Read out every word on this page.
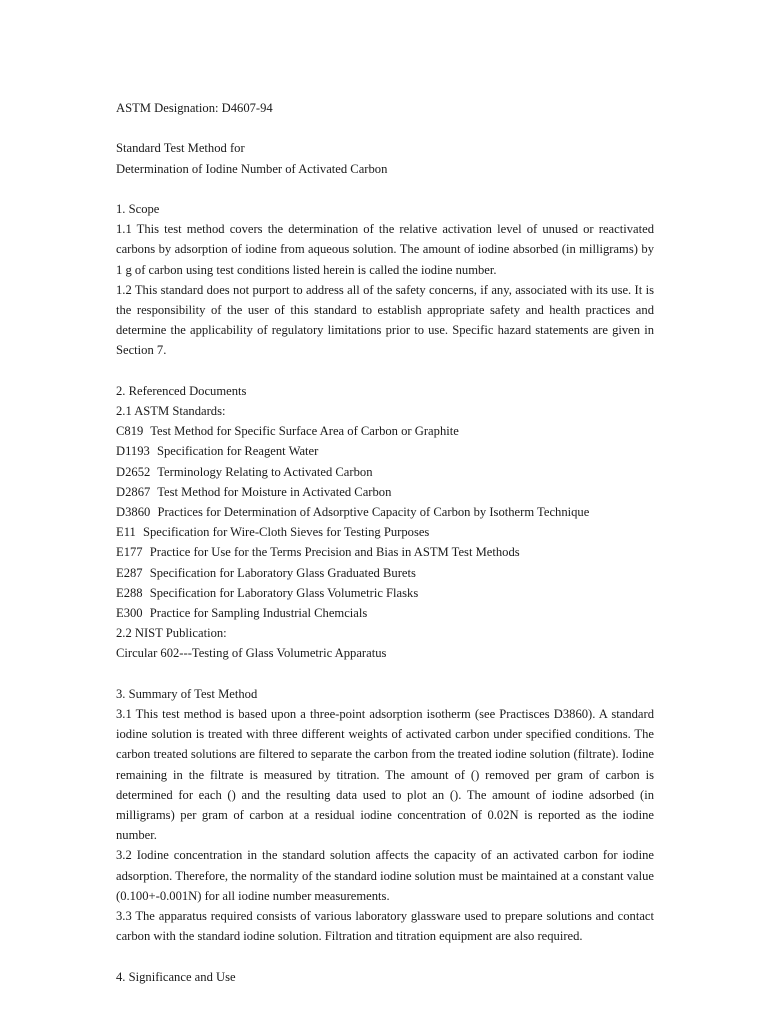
ASTM Designation: D4607-94
Standard Test Method for
Determination of Iodine Number of Activated Carbon
1. Scope
1.1 This test method covers the determination of the relative activation level of unused or reactivated carbons by adsorption of iodine from aqueous solution. The amount of iodine absorbed (in milligrams) by 1 g of carbon using test conditions listed herein is called the iodine number.
1.2 This standard does not purport to address all of the safety concerns, if any, associated with its use. It is the responsibility of the user of this standard to establish appropriate safety and health practices and determine the applicability of regulatory limitations prior to use. Specific hazard statements are given in Section 7.
2. Referenced Documents
2.1 ASTM Standards:
C819 Test Method for Specific Surface Area of Carbon or Graphite
D1193 Specification for Reagent Water
D2652 Terminology Relating to Activated Carbon
D2867 Test Method for Moisture in Activated Carbon
D3860 Practices for Determination of Adsorptive Capacity of Carbon by Isotherm Technique
E11 Specification for Wire-Cloth Sieves for Testing Purposes
E177 Practice for Use for the Terms Precision and Bias in ASTM Test Methods
E287 Specification for Laboratory Glass Graduated Burets
E288 Specification for Laboratory Glass Volumetric Flasks
E300 Practice for Sampling Industrial Chemcials
2.2 NIST Publication:
Circular 602---Testing of Glass Volumetric Apparatus
3. Summary of Test Method
3.1 This test method is based upon a three-point adsorption isotherm (see Practisces D3860). A standard iodine solution is treated with three different weights of activated carbon under specified conditions. The carbon treated solutions are filtered to separate the carbon from the treated iodine solution (filtrate). Iodine remaining in the filtrate is measured by titration. The amount of () removed per gram of carbon is determined for each () and the resulting data used to plot an (). The amount of iodine adsorbed (in milligrams) per gram of carbon at a residual iodine concentration of 0.02N is reported as the iodine number.
3.2 Iodine concentration in the standard solution affects the capacity of an activated carbon for iodine adsorption. Therefore, the normality of the standard iodine solution must be maintained at a constant value (0.100+-0.001N) for all iodine number measurements.
3.3 The apparatus required consists of various laboratory glassware used to prepare solutions and contact carbon with the standard iodine solution. Filtration and titration equipment are also required.
4. Significance and Use
